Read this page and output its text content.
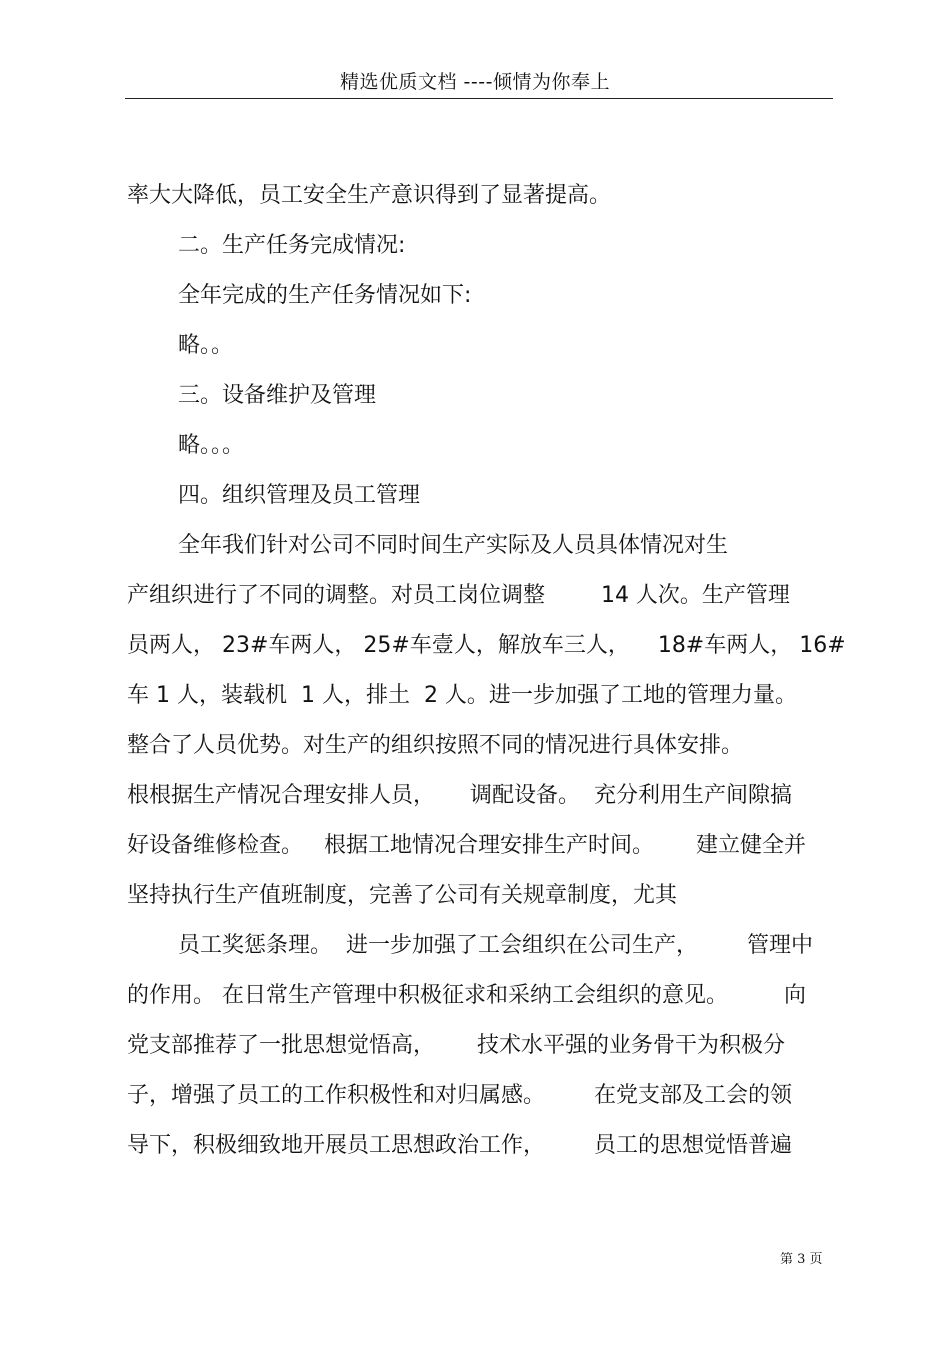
精选优质文档 ----倾情为你奉上
率大大降低，员工安全生产意识得到了显著提高。
二。生产任务完成情况:
全年完成的生产任务情况如下:
略。。
三。设备维护及管理
略。。。
四。组织管理及员工管理
全年我们针对公司不同时间生产实际及人员具体情况对生
产组织进行了不同的调整。对员工岗位调整        14 人次。生产管理
员两人， 23#车两人， 25#车壹人，解放车三人，    18#车两人， 16#
车 1 人，装载机  1 人，排土  2 人。进一步加强了工地的管理力量。
整合了人员优势。对生产的组织按照不同的情况进行具体安排。
根根据生产情况合理安排人员，     调配设备。  充分利用生产间隙搞
好设备维修检查。   根据工地情况合理安排生产时间。      建立健全并
坚持执行生产值班制度，完善了公司有关规章制度，尤其
员工奖惩条理。  进一步加强了工会组织在公司生产，       管理中
的作用。 在日常生产管理中积极征求和采纳工会组织的意见。        向
党支部推荐了一批思想觉悟高，      技术水平强的业务骨干为积极分
子，增强了员工的工作积极性和对归属感。       在党支部及工会的领
导下，积极细致地开展员工思想政治工作，       员工的思想觉悟普遍
第 3 页
